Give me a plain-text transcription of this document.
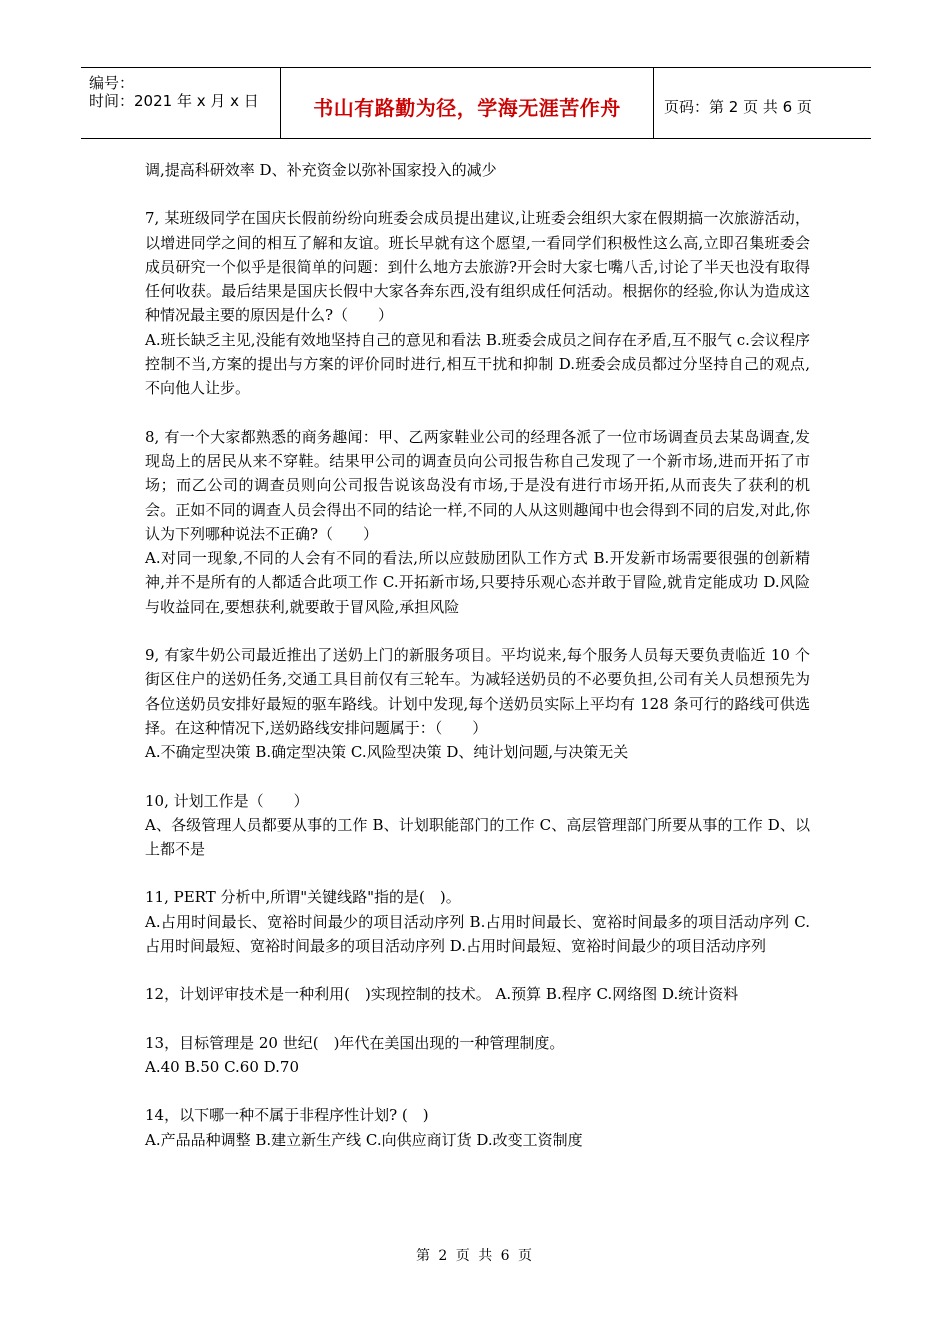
编号：
时间：2021 年 x 月 x 日	书山有路勤为径，学海无涯苦作舟	页码：第 2 页 共 6 页

调,提高科研效率 D、补充资金以弥补国家投入的减少

7, 某班级同学在国庆长假前纷纷向班委会成员提出建议,让班委会组织大家在假期搞一次旅游活动，以增进同学之间的相互了解和友谊。班长早就有这个愿望,一看同学们积极性这么高,立即召集班委会成员研究一个似乎是很简单的问题：到什么地方去旅游?开会时大家七嘴八舌,讨论了半天也没有取得任何收获。最后结果是国庆长假中大家各奔东西,没有组织成任何活动。根据你的经验,你认为造成这种情况最主要的原因是什么?（　　）

A.班长缺乏主见,没能有效地坚持自己的意见和看法 B.班委会成员之间存在矛盾,互不服气 c.会议程序控制不当,方案的提出与方案的评价同时进行,相互干扰和抑制 D.班委会成员都过分坚持自己的观点,不向他人让步。

8, 有一个大家都熟悉的商务趣闻：甲、乙两家鞋业公司的经理各派了一位市场调查员去某岛调查,发现岛上的居民从来不穿鞋。结果甲公司的调查员向公司报告称自己发现了一个新市场,进而开拓了市场；而乙公司的调查员则向公司报告说该岛没有市场,于是没有进行市场开拓,从而丧失了获利的机会。正如不同的调查人员会得出不同的结论一样,不同的人从这则趣闻中也会得到不同的启发,对此,你认为下列哪种说法不正确?（　　）

A.对同一现象,不同的人会有不同的看法,所以应鼓励团队工作方式 B.开发新市场需要很强的创新精神,并不是所有的人都适合此项工作 C.开拓新市场,只要持乐观心态并敢于冒险,就肯定能成功 D.风险与收益同在,要想获利,就要敢于冒风险,承担风险

9, 有家牛奶公司最近推出了送奶上门的新服务项目。平均说来,每个服务人员每天要负责临近 10 个街区住户的送奶任务,交通工具目前仅有三轮车。为减轻送奶员的不必要负担,公司有关人员想预先为各位送奶员安排好最短的驱车路线。计划中发现,每个送奶员实际上平均有 128 条可行的路线可供选择。在这种情况下,送奶路线安排问题属于：（　　）

A.不确定型决策 B.确定型决策 C.风险型决策 D、纯计划问题,与决策无关

10, 计划工作是（　　）

A、各级管理人员都要从事的工作 B、计划职能部门的工作 C、高层管理部门所要从事的工作 D、以上都不是

11, PERT 分析中,所谓"关键线路"指的是(　)。

A.占用时间最长、宽裕时间最少的项目活动序列 B.占用时间最长、宽裕时间最多的项目活动序列 C.占用时间最短、宽裕时间最多的项目活动序列 D.占用时间最短、宽裕时间最少的项目活动序列

12，计划评审技术是一种利用(　)实现控制的技术。 A.预算 B.程序 C.网络图 D.统计资料

13，目标管理是 20 世纪(　)年代在美国出现的一种管理制度。

A.40 B.50 C.60 D.70

14，以下哪一种不属于非程序性计划? (　)

A.产品品种调整 B.建立新生产线 C.向供应商订货 D.改变工资制度

第 2 页 共 6 页
